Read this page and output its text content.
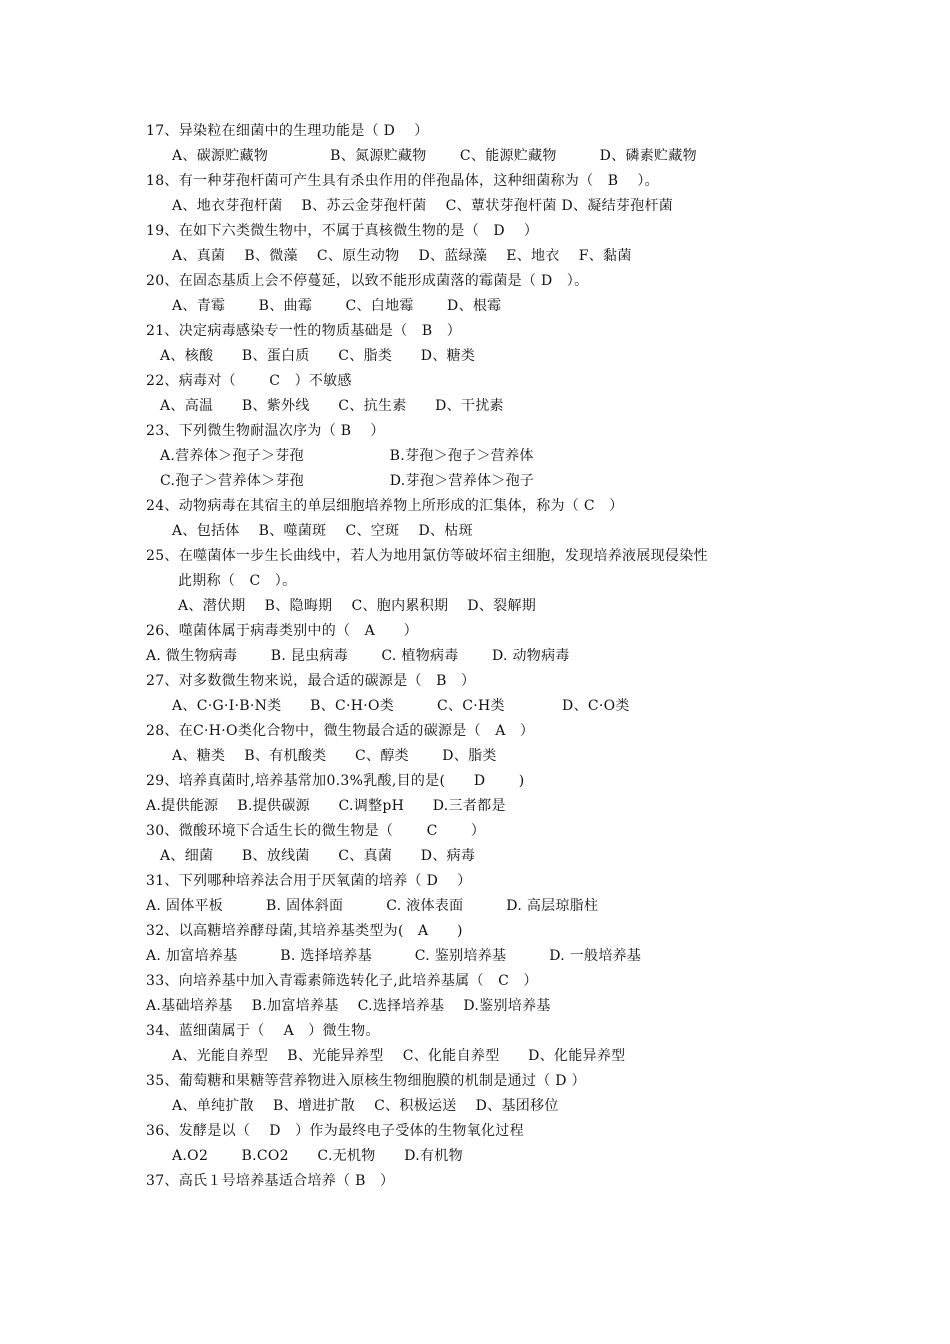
17、异染粒在细菌中的生理功能是（ D　 ）
A、碳源贮藏物　　　 　B、氮源贮藏物　　 C、能源贮藏物　　　D、磷素贮藏物
18、有一种芽孢杆菌可产生具有杀虫作用的伴孢晶体，这种细菌称为（　B　 ）。
A、地衣芽孢杆菌　 B、苏云金芽孢杆菌　 C、蕈状芽孢杆菌 D、凝结芽孢杆菌
19、在如下六类微生物中，不属于真核微生物的是（　D　 ）
A、真菌　 B、微藻　 C、原生动物　 D、蓝绿藻　 E、地衣　 F、黏菌
20、在固态基质上会不停蔓延，以致不能形成菌落的霉菌是（ D　）。
A、青霉　　 B、曲霉　　 C、白地霉　　 D、根霉
21、决定病毒感染专一性的物质基础是（　B　）
A、核酸　　B、蛋白质　　C、脂类　　D、糖类
22、病毒对（　　 C　）不敏感
A、高温　　B、紫外线　　C、抗生素　　D、干扰素
23、下列微生物耐温次序为（ B　 ）
A.营养体＞孢子＞芽孢　　　　　　B.芽孢＞孢子＞营养体
C.孢子＞营养体＞芽孢　　　　　　D.芽孢＞营养体＞孢子
24、动物病毒在其宿主的单层细胞培养物上所形成的汇集体，称为（ C　）
A、包括体　 B、噬菌斑　 C、空斑　 D、枯斑
25、在噬菌体一步生长曲线中，若人为地用氯仿等破坏宿主细胞，发现培养液展现侵染性
此期称（　C　）。
A、潜伏期　 B、隐晦期　 C、胞内累积期　 D、裂解期
26、噬菌体属于病毒类别中的（　A　　）
A. 微生物病毒　　 B. 昆虫病毒　　 C. 植物病毒　　 D. 动物病毒
27、对多数微生物来说，最合适的碳源是（　B　）
A、C·G·I·B·N类　　B、C·H·O类　　　C、C·H类　　　　D、C·O类
28、在C·H·O类化合物中，微生物最合适的碳源是（　A　）
A、糖类　 B、有机酸类　　C、醇类　　 D、脂类
29、培养真菌时,培养基常加0.3%乳酸,目的是(　　D　　 )
A.提供能源　 B.提供碳源　　C.调整pH　　D.三者都是
30、微酸环境下合适生长的微生物是（　　 C　　 ）
A、细菌　　B、放线菌　　C、真菌　　D、病毒
31、下列哪种培养法合用于厌氧菌的培养（ D　 ）
A. 固体平板　　　B. 固体斜面　　　C. 液体表面　　　D. 高层琼脂柱
32、以高糖培养酵母菌,其培养基类型为(　A　　)
A. 加富培养基　　　B. 选择培养基　　　C. 鉴别培养基　　　D. 一般培养基
33、向培养基中加入青霉素筛选转化子,此培养基属（　C　）
A.基础培养基　 B.加富培养基　 C.选择培养基　 D.鉴别培养基
34、蓝细菌属于（　 A　）微生物。
A、光能自养型　 B、光能异养型　 C、化能自养型　　D、化能异养型
35、葡萄糖和果糖等营养物进入原核生物细胞膜的机制是通过（ D ）
A、单纯扩散　 B、增进扩散　 C、积极运送　 D、基团移位
36、发酵是以（　 D　）作为最终电子受体的生物氧化过程
A.O2　　 B.CO2　　C.无机物　　D.有机物
37、高氏１号培养基适合培养（ B　）
